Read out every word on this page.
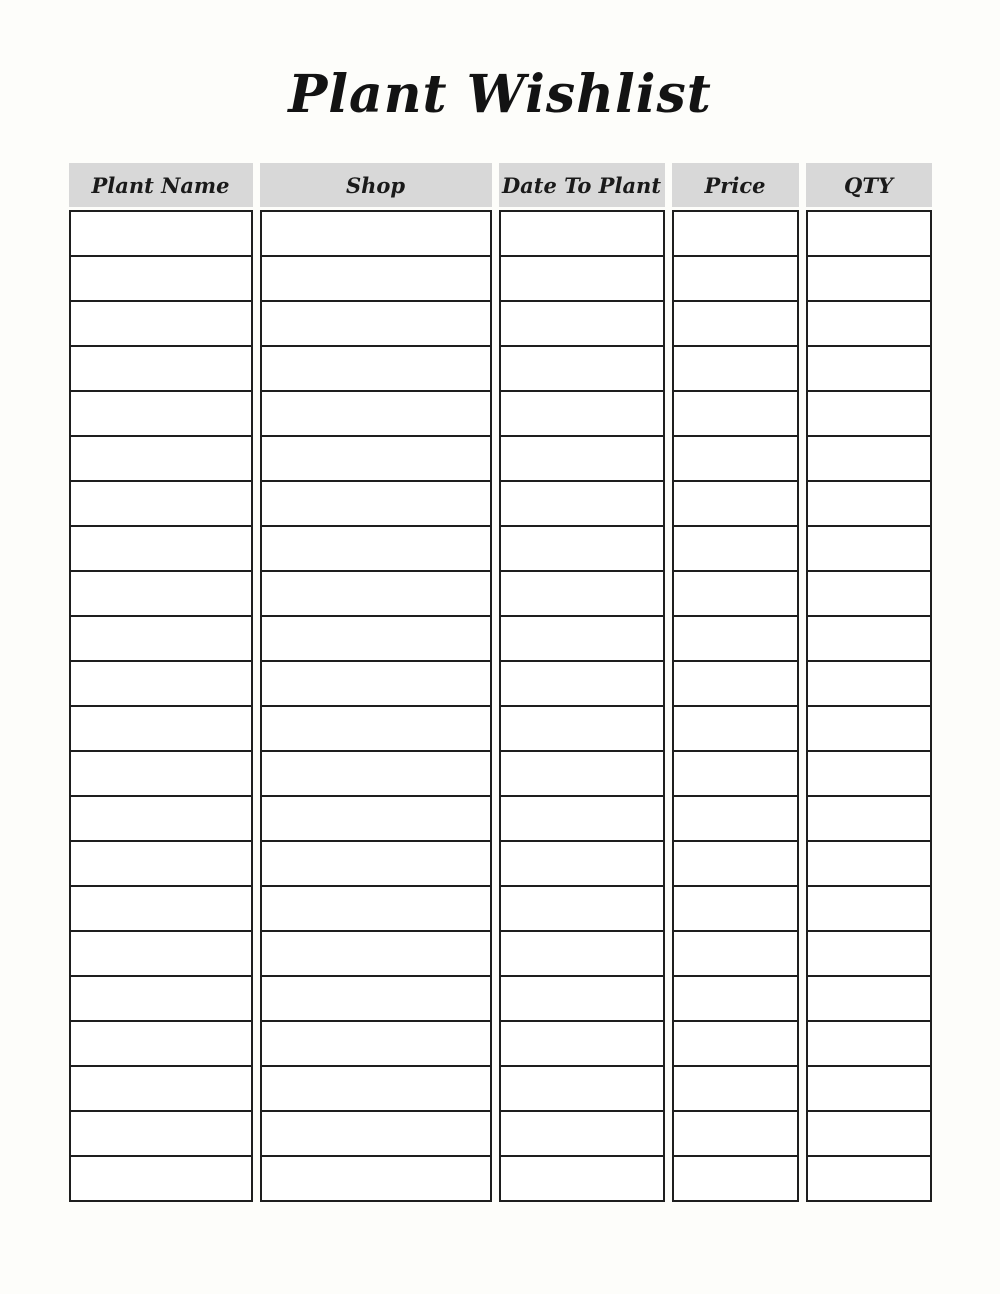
Plant Wishlist
Plant Name	Shop	Date To Plant	Price	QTY
